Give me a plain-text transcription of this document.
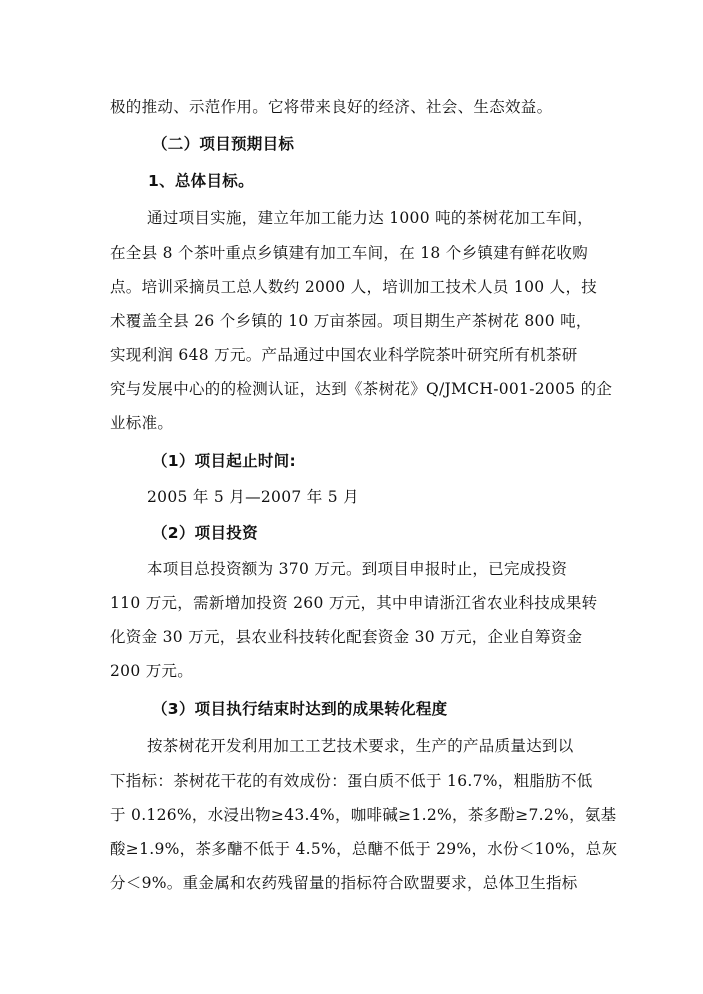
极的推动、示范作用。它将带来良好的经济、社会、生态效益。
（二）项目预期目标
1、总体目标。
通过项目实施，建立年加工能力达 1000 吨的茶树花加工车间，
在全县 8 个茶叶重点乡镇建有加工车间，在 18 个乡镇建有鲜花收购
点。培训采摘员工总人数约 2000 人，培训加工技术人员 100 人，技
术覆盖全县 26 个乡镇的 10 万亩茶园。项目期生产茶树花 800 吨，
实现利润 648 万元。产品通过中国农业科学院茶叶研究所有机茶研
究与发展中心的的检测认证，达到《茶树花》Q/JMCH-001-2005 的企
业标准。
（1）项目起止时间:
2005 年 5 月—2007 年 5 月
（2）项目投资
本项目总投资额为 370 万元。到项目申报时止，已完成投资
110 万元，需新增加投资 260 万元，其中申请浙江省农业科技成果转
化资金 30 万元，县农业科技转化配套资金 30 万元，企业自筹资金
200 万元。
（3）项目执行结束时达到的成果转化程度
按茶树花开发利用加工工艺技术要求，生产的产品质量达到以
下指标：茶树花干花的有效成份：蛋白质不低于 16.7%，粗脂肪不低
于 0.126%，水浸出物≥43.4%，咖啡碱≥1.2%，茶多酚≥7.2%，氨基
酸≥1.9%，茶多醣不低于 4.5%，总醣不低于 29%，水份＜10%，总灰
分＜9%。重金属和农药残留量的指标符合欧盟要求，总体卫生指标
